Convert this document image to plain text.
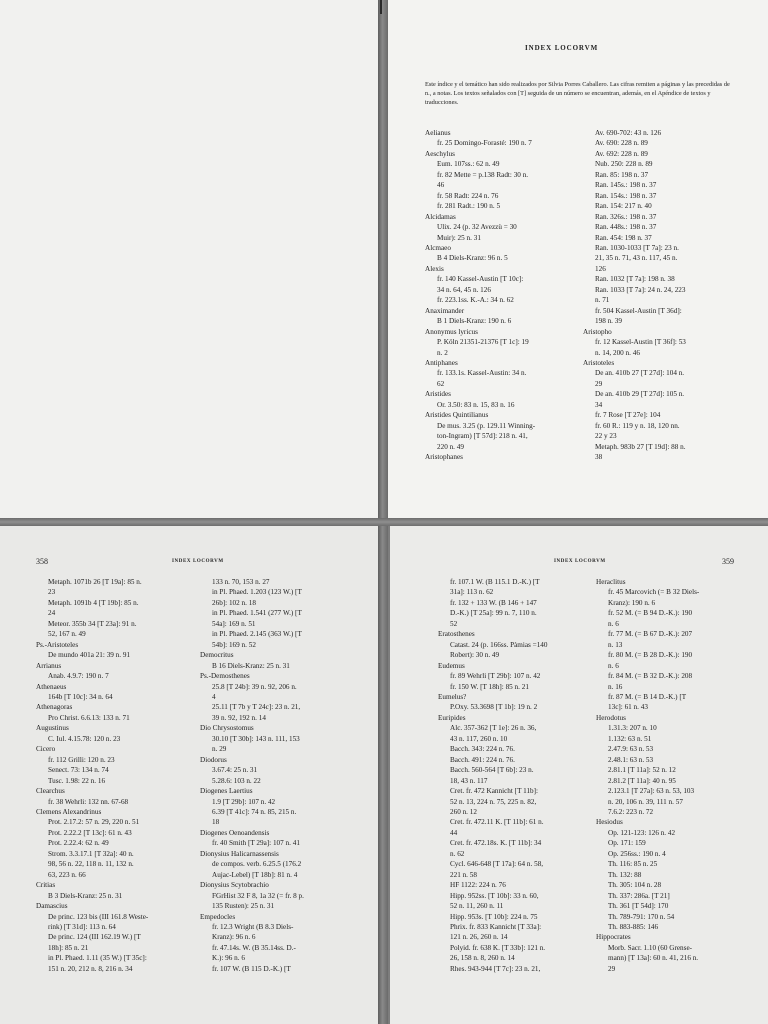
INDEX LOCORVM
Este índice y el temático han sido realizados por Silvia Porres Caballero. Las cifras remiten a páginas y las precedidas de n., a notas. Los textos señalados con [T] seguida de un número se encuentran, además, en el Apéndice de textos y traducciones.
Aelianus
fr. 25 Domingo-Forasté: 190 n. 7
Aeschylus
Eum. 107ss.: 62 n. 49
fr. 82 Mette = p.138 Radt: 30 n.
46
fr. 58 Radt: 224 n. 76
fr. 281 Radt.: 190 n. 5
Alcidamas
Ulix. 24 (p. 32 Avezzù = 30
Muir): 25 n. 31
Alcmaeo
B 4 Diels-Kranz: 96 n. 5
Alexis
fr. 140 Kassel-Austin [T 10c]:
34 n. 64, 45 n. 126
fr. 223.1ss. K.-A.: 34 n. 62
Anaximander
B 1 Diels-Kranz: 190 n. 6
Anonymus lyricus
P. Köln 21351-21376 [T 1c]: 19
n. 2
Antiphanes
fr. 133.1s. Kassel-Austin: 34 n.
62
Aristides
Or. 3.50: 83 n. 15, 83 n. 16
Aristides Quintilianus
De mus. 3.25 (p. 129.11 Winning-
ton-Ingram) [T 57d]: 218 n. 41,
220 n. 49
Aristophanes
Av. 690-702: 43 n. 126
Av. 690: 228 n. 89
Av. 692: 228 n. 89
Nub. 250: 228 n. 89
Ran. 85: 198 n. 37
Ran. 145s.: 198 n. 37
Ran. 154s.: 198 n. 37
Ran. 154: 217 n. 40
Ran. 326s.: 198 n. 37
Ran. 448s.: 198 n. 37
Ran. 454: 198 n. 37
Ran. 1030-1033 [T 7a]: 23 n.
21, 35 n. 71, 43 n. 117, 45 n.
126
Ran. 1032 [T 7a]: 198 n. 38
Ran. 1033 [T 7a]: 24 n. 24, 223
n. 71
fr. 504 Kassel-Austin [T 36d]:
198 n. 39
Aristopho
fr. 12 Kassel-Austin [T 36f]: 53
n. 14, 200 n. 46
Aristoteles
De an. 410b 27 [T 27d]: 104 n.
29
De an. 410b 29 [T 27d]: 105 n.
34
fr. 7 Rose [T 27e]: 104
fr. 60 R.: 119 y n. 18, 120 nn.
22 y 23
Metaph. 983b 27 [T 19d]: 88 n.
38
358	INDEX LOCORVM
Metaph. 1071b 26 [T 19a]: 85 n.
23
Metaph. 1091b 4 [T 19b]: 85 n.
24
Meteor. 355b 34 [T 23a]: 91 n.
52, 167 n. 49
Ps.-Aristoteles
De mundo 401a 21: 39 n. 91
Arrianus
Anab. 4.9.7: 190 n. 7
Athenaeus
164b [T 10c]: 34 n. 64
Athenagoras
Pro Christ. 6.6.13: 133 n. 71
Augustinus
C. Iul. 4.15.78: 120 n. 23
Cicero
fr. 112 Grilli: 120 n. 23
Senect. 73: 134 n. 74
Tusc. 1.98: 22 n. 16
Clearchus
fr. 38 Wehrli: 132 nn. 67-68
Clemens Alexandrinus
Prot. 2.17.2: 57 n. 29, 220 n. 51
Prot. 2.22.2 [T 13c]: 61 n. 43
Prot. 2.22.4: 62 n. 49
Strom. 3.3.17.1 [T 32a]: 40 n.
98, 56 n. 22, 118 n. 11, 132 n.
63, 223 n. 66
Critias
B 3 Diels-Kranz: 25 n. 31
Damascius
De princ. 123 bis (III 161.8 Weste-
rink) [T 31d]: 113 n. 64
De princ. 124 (III 162.19 W.) [T
18h]: 85 n. 21
in Pl. Phaed. 1.11 (35 W.) [T 35c]:
151 n. 20, 212 n. 8, 216 n. 34
133 n. 70, 153 n. 27
in Pl. Phaed. 1.203 (123 W.) [T
26b]: 102 n. 18
in Pl. Phaed. 1.541 (277 W.) [T
54a]: 169 n. 51
in Pl. Phaed. 2.145 (363 W.) [T
54b]: 169 n. 52
Democritus
B 16 Diels-Kranz: 25 n. 31
Ps.-Demosthenes
25.8 [T 24b]: 39 n. 92, 206 n.
4
25.11 [T 7b y T 24c]: 23 n. 21,
39 n. 92, 192 n. 14
Dio Chrysostomus
30.10 [T 30b]: 143 n. 111, 153
n. 29
Diodorus
3.67.4: 25 n. 31
5.28.6: 103 n. 22
Diogenes Laertius
1.9 [T 29b]: 107 n. 42
6.39 [T 41c]: 74 n. 85, 215 n.
18
Diogenes Oenoandensis
fr. 40 Smith [T 29a]: 107 n. 41
Dionysius Halicarnassensis
de compos. verb. 6.25.5 (176.2
Aujac-Lebel) [T 18b]: 81 n. 4
Dionysius Scytobrachio
FGrHist 32 F 8, 1a 32 (= fr. 8 p.
135 Rusten): 25 n. 31
Empedocles
fr. 12.3 Wright (B 8.3 Diels-
Kranz): 96 n. 6
fr. 47.14s. W. (B 35.14ss. D.-
K.): 96 n. 6
fr. 107 W. (B 115 D.-K.) [T
INDEX LOCORVM	359
fr. 107.1 W. (B 115.1 D.-K.) [T
31a]: 113 n. 62
fr. 132 + 133 W. (B 146 + 147
D.-K.) [T 25a]: 99 n. 7, 110 n.
52
Eratosthenes
Catast. 24 (p. 166ss. Pàmias =140
Robert): 30 n. 49
Eudemus
fr. 89 Wehrli [T 29b]: 107 n. 42
fr. 150 W. [T 18h]: 85 n. 21
Eumelus?
P.Oxy. 53.3698 [T 1b]: 19 n. 2
Euripides
Alc. 357-362 [T 1e]: 26 n. 36,
43 n. 117, 260 n. 10
Bacch. 343: 224 n. 76.
Bacch. 491: 224 n. 76.
Bacch. 560-564 [T 6b]: 23 n.
18, 43 n. 117
Cret. fr. 472 Kannicht [T 11b]:
52 n. 13, 224 n. 75, 225 n. 82,
260 n. 12
Cret. fr. 472.11 K. [T 11b]: 61 n.
44
Cret. fr. 472.18s. K. [T 11b]: 34
n. 62
Cycl. 646-648 [T 17a]: 64 n. 58,
221 n. 58
HF 1122: 224 n. 76
Hipp. 952ss. [T 10b]: 33 n. 60,
52 n. 11, 260 n. 11
Hipp. 953s. [T 10b]: 224 n. 75
Phrix. fr. 833 Kannicht [T 33a]:
121 n. 26, 260 n. 14
Polyid. fr. 638 K. [T 33b]: 121 n.
26, 158 n. 8, 260 n. 14
Rhes. 943-944 [T 7c]: 23 n. 21,
Heraclitus
fr. 45 Marcovich (= B 32 Diels-
Kranz): 190 n. 6
fr. 52 M. (= B 94 D.-K.): 190
n. 6
fr. 77 M. (= B 67 D.-K.): 207
n. 13
fr. 80 M. (= B 28 D.-K.): 190
n. 6
fr. 84 M. (= B 32 D.-K.): 208
n. 16
fr. 87 M. (= B 14 D.-K.) [T
13c]: 61 n. 43
Herodotus
1.31.3: 207 n. 10
1.132: 63 n. 51
2.47.9: 63 n. 53
2.48.1: 63 n. 53
2.81.1 [T 11a]: 52 n. 12
2.81.2 [T 11a]: 40 n. 95
2.123.1 [T 27a]: 63 n. 53, 103
n. 20, 106 n. 39, 111 n. 57
7.6.2: 223 n. 72
Hesiodus
Op. 121-123: 126 n. 42
Op. 171: 159
Op. 256ss.: 190 n. 4
Th. 116: 85 n. 25
Th. 132: 88
Th. 305: 104 n. 28
Th. 337: 286a. [T 21]
Th. 361 [T 54d]: 170
Th. 789-791: 170 n. 54
Th. 883-885: 146
Hippocrates
Morb. Sacr. 1.10 (60 Grense-
mann) [T 13a]: 60 n. 41, 216 n.
29
